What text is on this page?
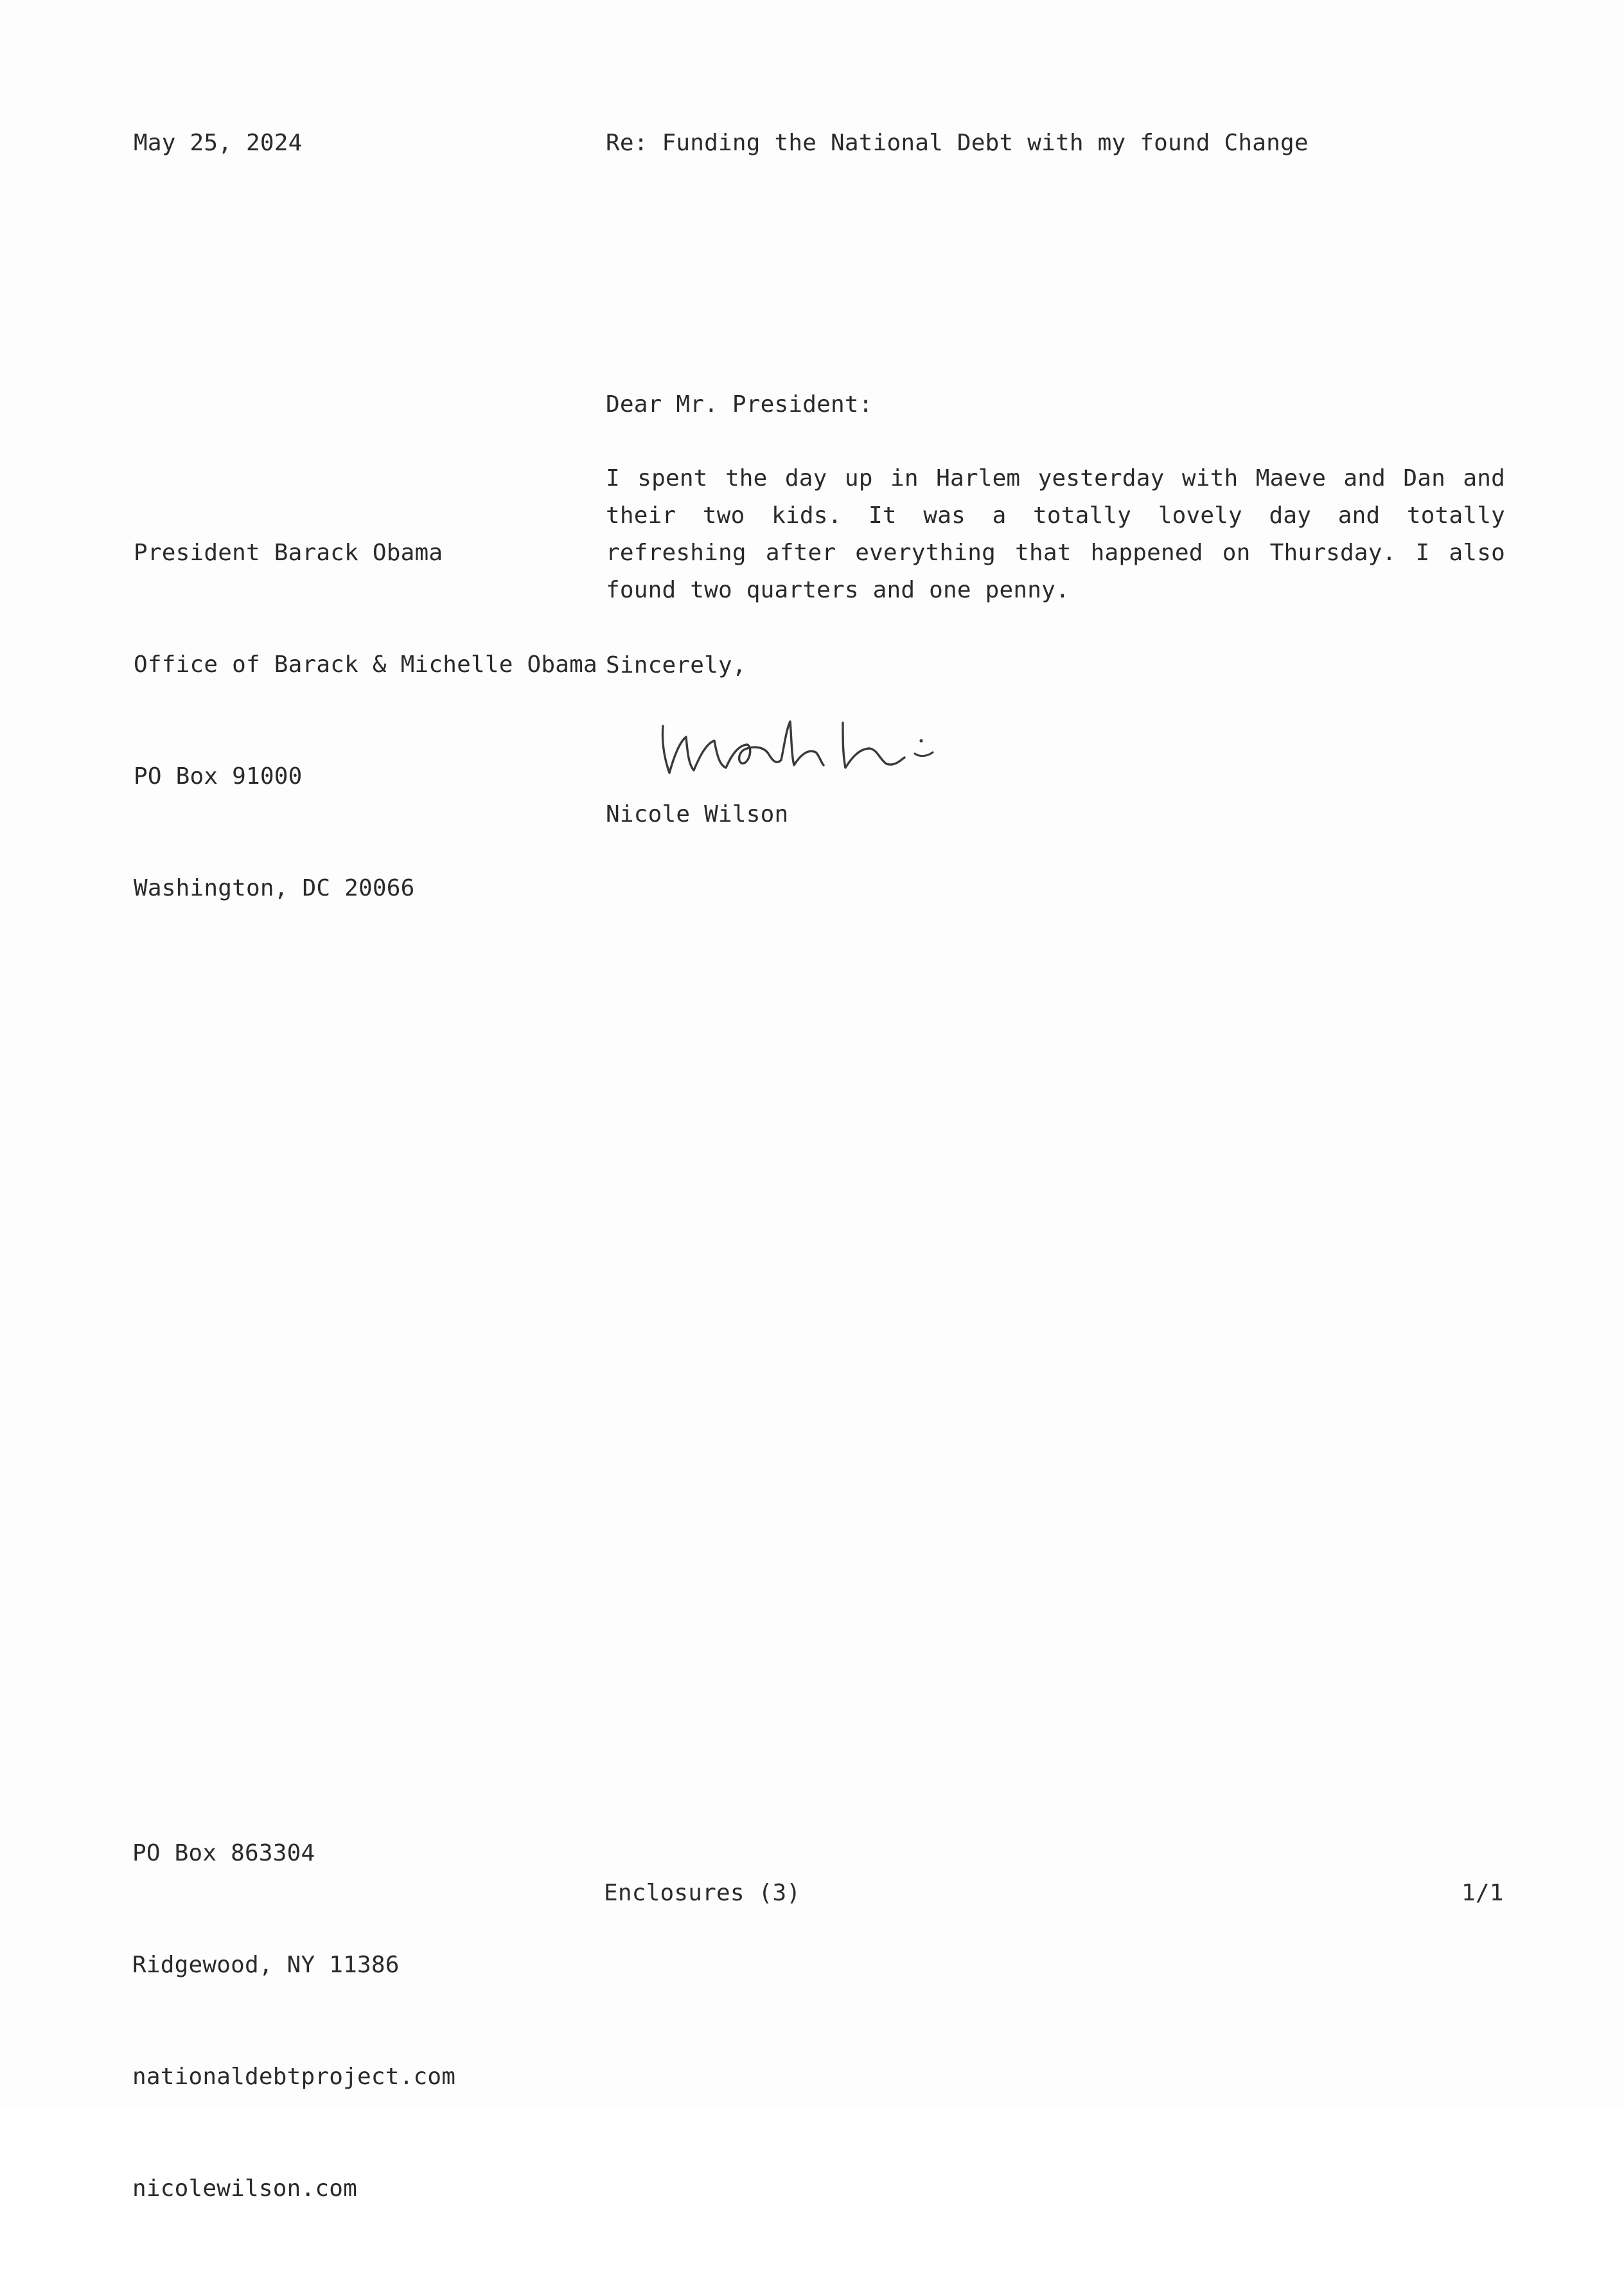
May 25, 2024	Re: Funding the National Debt with my found Change
Dear Mr. President:

President Barack Obama

Office of Barack & Michelle Obama

PO Box 91000

Washington, DC 20066

I spent the day up in Harlem yesterday with Maeve and Dan and their two kids. It was a totally lovely day and totally refreshing after everything that happened on Thursday. I also found two quarters and one penny.
Sincerely,
Nicole Wilson

PO Box 863304

Ridgewood, NY 11386

nationaldebtproject.com

nicolewilson.com

Enclosures (3)	1/1
